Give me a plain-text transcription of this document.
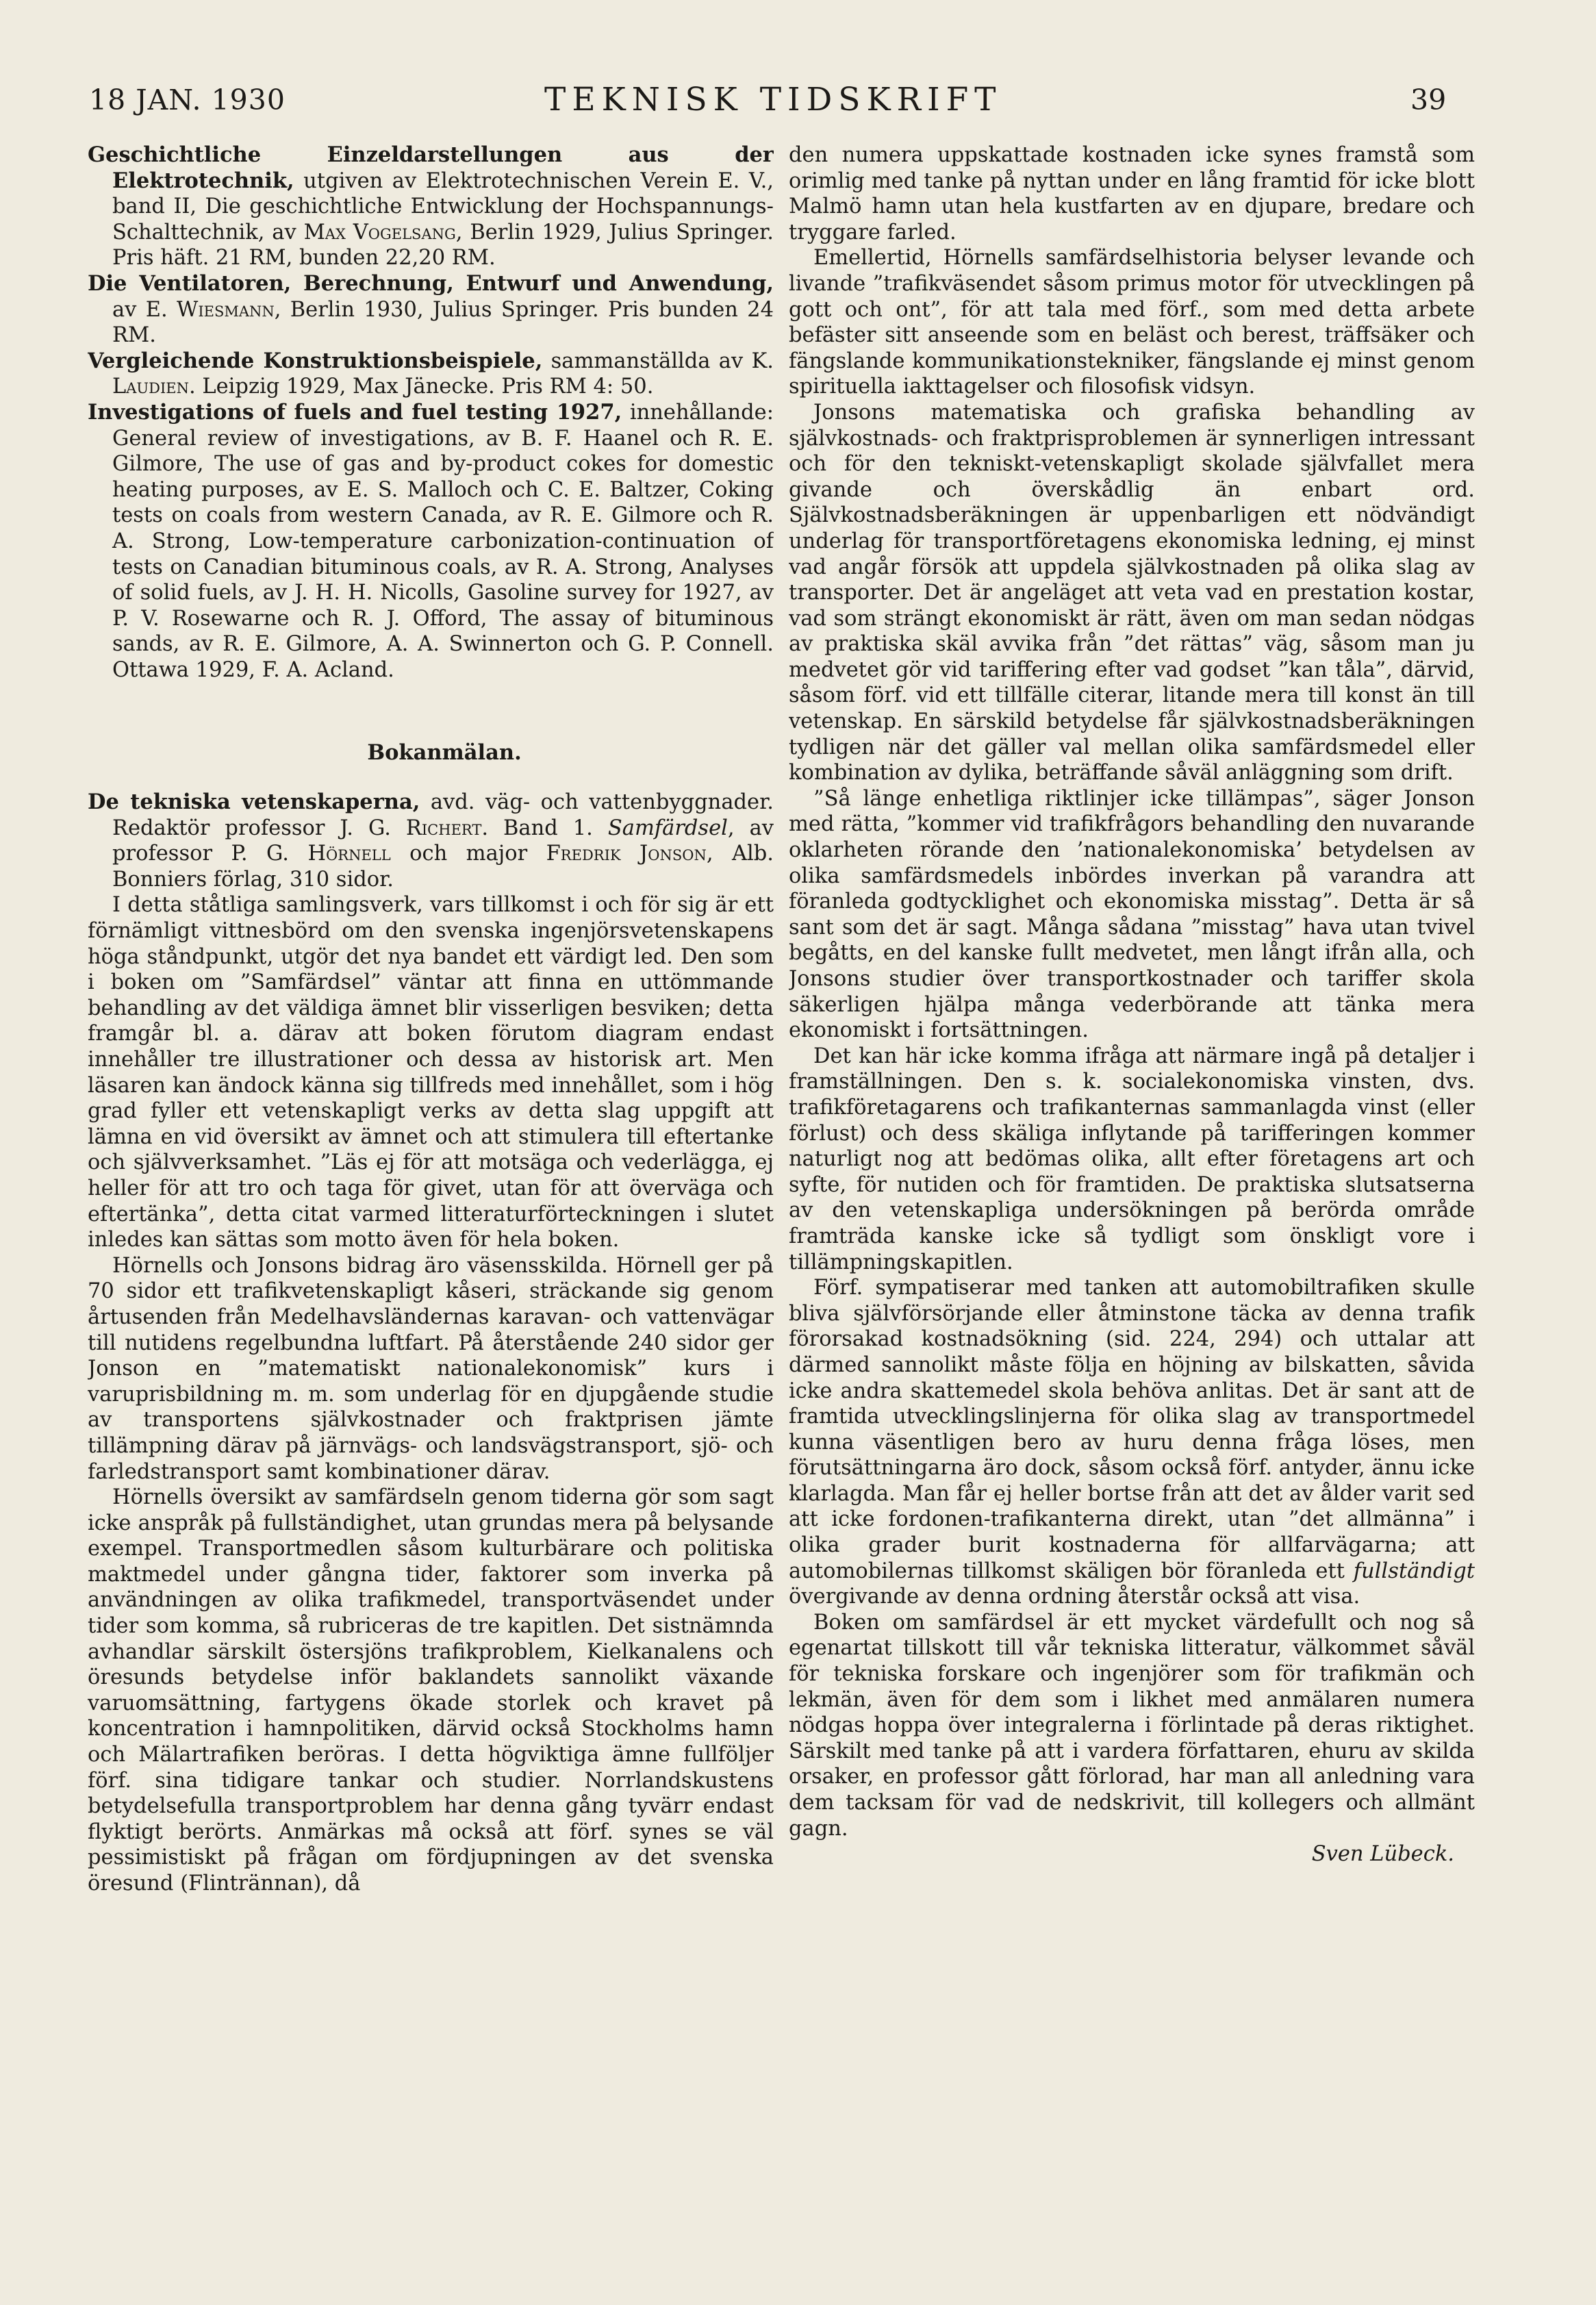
18 JAN. 1930	TEKNISK TIDSKRIFT	39

Geschichtliche Einzeldarstellungen aus der Elektrotechnik, utgiven av Elektrotechnischen Verein E. V., band II, Die geschichtliche Entwicklung der Hochspannungs-Schalttechnik, av Max Vogelsang, Berlin 1929, Julius Springer. Pris häft. 21 RM, bunden 22,20 RM.

Die Ventilatoren, Berechnung, Entwurf und Anwendung, av E. Wiesmann, Berlin 1930, Julius Springer. Pris bunden 24 RM.

Vergleichende Konstruktionsbeispiele, sammanställda av K. Laudien. Leipzig 1929, Max Jänecke. Pris RM 4: 50.

Investigations of fuels and fuel testing 1927, innehållande: General review of investigations, av B. F. Haanel och R. E. Gilmore, The use of gas and by-product cokes for domestic heating purposes, av E. S. Malloch och C. E. Baltzer, Coking tests on coals from western Canada, av R. E. Gilmore och R. A. Strong, Low-temperature carbonization-continuation of tests on Canadian bituminous coals, av R. A. Strong, Analyses of solid fuels, av J. H. H. Nicolls, Gasoline survey for 1927, av P. V. Rosewarne och R. J. Offord, The assay of bituminous sands, av R. E. Gilmore, A. A. Swinnerton och G. P. Connell. Ottawa 1929, F. A. Acland.

Bokanmälan.

De tekniska vetenskaperna, avd. väg- och vattenbyggnader. Redaktör professor J. G. Richert. Band 1. Samfärdsel, av professor P. G. Hörnell och major Fredrik Jonson, Alb. Bonniers förlag, 310 sidor.

I detta ståtliga samlingsverk, vars tillkomst i och för sig är ett förnämligt vittnesbörd om den svenska ingenjörsvetenskapens höga ståndpunkt, utgör det nya bandet ett värdigt led. Den som i boken om ”Samfärdsel” väntar att finna en uttömmande behandling av det väldiga ämnet blir visserligen besviken; detta framgår bl. a. därav att boken förutom diagram endast innehåller tre illustrationer och dessa av historisk art. Men läsaren kan ändock känna sig tillfreds med innehållet, som i hög grad fyller ett vetenskapligt verks av detta slag uppgift att lämna en vid översikt av ämnet och att stimulera till eftertanke och självverksamhet. ”Läs ej för att motsäga och vederlägga, ej heller för att tro och taga för givet, utan för att överväga och eftertänka”, detta citat varmed litteraturförteckningen i slutet inledes kan sättas som motto även för hela boken.

Hörnells och Jonsons bidrag äro väsensskilda. Hörnell ger på 70 sidor ett trafikvetenskapligt kåseri, sträckande sig genom årtusenden från Medelhavsländernas karavan- och vattenvägar till nutidens regelbundna luftfart. På återstående 240 sidor ger Jonson en ”matematiskt nationalekonomisk” kurs i varuprisbildning m. m. som underlag för en djupgående studie av transportens självkostnader och fraktprisen jämte tillämpning därav på järnvägs- och landsvägstransport, sjö- och farledstransport samt kombinationer därav.

Hörnells översikt av samfärdseln genom tiderna gör som sagt icke anspråk på fullständighet, utan grundas mera på belysande exempel. Transportmedlen såsom kulturbärare och politiska maktmedel under gångna tider, faktorer som inverka på användningen av olika trafikmedel, transportväsendet under tider som komma, så rubriceras de tre kapitlen. Det sistnämnda avhandlar särskilt östersjöns trafikproblem, Kielkanalens och öresunds betydelse inför baklandets sannolikt växande varuomsättning, fartygens ökade storlek och kravet på koncentration i hamnpolitiken, därvid också Stockholms hamn och Mälartrafiken beröras. I detta högviktiga ämne fullföljer förf. sina tidigare tankar och studier. Norrlandskustens betydelsefulla transportproblem har denna gång tyvärr endast flyktigt berörts. Anmärkas må också att förf. synes se väl pessimistiskt på frågan om fördjupningen av det svenska öresund (Flintrännan), då

den numera uppskattade kostnaden icke synes framstå som orimlig med tanke på nyttan under en lång framtid för icke blott Malmö hamn utan hela kustfarten av en djupare, bredare och tryggare farled.

Emellertid, Hörnells samfärdselhistoria belyser levande och livande ”trafikväsendet såsom primus motor för utvecklingen på gott och ont”, för att tala med förf., som med detta arbete befäster sitt anseende som en beläst och berest, träffsäker och fängslande kommunikationstekniker, fängslande ej minst genom spirituella iakttagelser och filosofisk vidsyn.

Jonsons matematiska och grafiska behandling av självkostnads- och fraktprisproblemen är synnerligen intressant och för den tekniskt-vetenskapligt skolade självfallet mera givande och överskådlig än enbart ord. Självkostnadsberäkningen är uppenbarligen ett nödvändigt underlag för transportföretagens ekonomiska ledning, ej minst vad angår försök att uppdela självkostnaden på olika slag av transporter. Det är angeläget att veta vad en prestation kostar, vad som strängt ekonomiskt är rätt, även om man sedan nödgas av praktiska skäl avvika från ”det rättas” väg, såsom man ju medvetet gör vid tariffering efter vad godset ”kan tåla”, därvid, såsom förf. vid ett tillfälle citerar, litande mera till konst än till vetenskap. En särskild betydelse får självkostnadsberäkningen tydligen när det gäller val mellan olika samfärdsmedel eller kombination av dylika, beträffande såväl anläggning som drift.

”Så länge enhetliga riktlinjer icke tillämpas”, säger Jonson med rätta, ”kommer vid trafikfrågors behandling den nuvarande oklarheten rörande den ’nationalekonomiska’ betydelsen av olika samfärdsmedels inbördes inverkan på varandra att föranleda godtycklighet och ekonomiska misstag”. Detta är så sant som det är sagt. Många sådana ”misstag” hava utan tvivel begåtts, en del kanske fullt medvetet, men långt ifrån alla, och Jonsons studier över transportkostnader och tariffer skola säkerligen hjälpa många vederbörande att tänka mera ekonomiskt i fortsättningen.

Det kan här icke komma ifråga att närmare ingå på detaljer i framställningen. Den s. k. socialekonomiska vinsten, dvs. trafikföretagarens och trafikanternas sammanlagda vinst (eller förlust) och dess skäliga inflytande på tarifferingen kommer naturligt nog att bedömas olika, allt efter företagens art och syfte, för nutiden och för framtiden. De praktiska slutsatserna av den vetenskapliga undersökningen på berörda område framträda kanske icke så tydligt som önskligt vore i tillämpningskapitlen.

Förf. sympatiserar med tanken att automobiltrafiken skulle bliva självförsörjande eller åtminstone täcka av denna trafik förorsakad kostnadsökning (sid. 224, 294) och uttalar att därmed sannolikt måste följa en höjning av bilskatten, såvida icke andra skattemedel skola behöva anlitas. Det är sant att de framtida utvecklingslinjerna för olika slag av transportmedel kunna väsentligen bero av huru denna fråga löses, men förutsättningarna äro dock, såsom också förf. antyder, ännu icke klarlagda. Man får ej heller bortse från att det av ålder varit sed att icke fordonen-trafikanterna direkt, utan ”det allmänna” i olika grader burit kostnaderna för allfarvägarna; att automobilernas tillkomst skäligen bör föranleda ett fullständigt övergivande av denna ordning återstår också att visa.

Boken om samfärdsel är ett mycket värdefullt och nog så egenartat tillskott till vår tekniska litteratur, välkommet såväl för tekniska forskare och ingenjörer som för trafikmän och lekmän, även för dem som i likhet med anmälaren numera nödgas hoppa över integralerna i förlintade på deras riktighet. Särskilt med tanke på att i vardera författaren, ehuru av skilda orsaker, en professor gått förlorad, har man all anledning vara dem tacksam för vad de nedskrivit, till kollegers och allmänt gagn.

Sven Lübeck.
